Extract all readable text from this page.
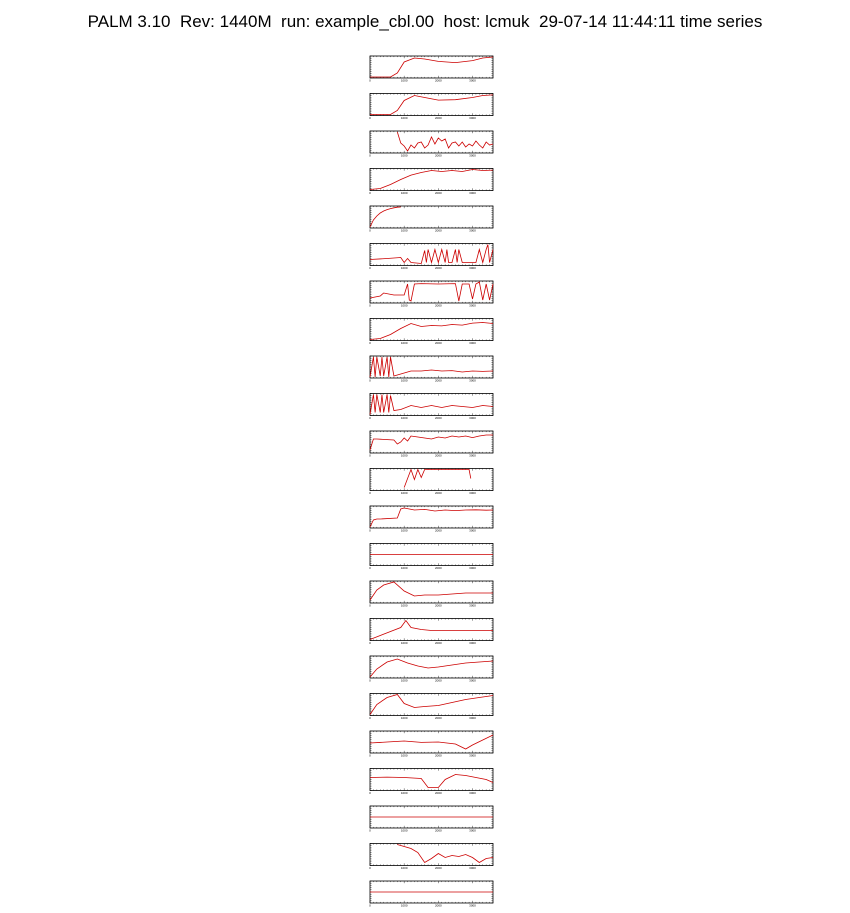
PALM 3.10  Rev: 1440M  run: example_cbl.00  host: lcmuk  29-07-14 11:44:11 time series
0	1000	2000	3000
0	1000	2000	3000
0	1000	2000	3000
0	1000	2000	3000
0	1000	2000	3000
0	1000	2000	3000
0	1000	2000	3000
0	1000	2000	3000
0	1000	2000	3000
0	1000	2000	3000
0	1000	2000	3000
0	1000	2000	3000
0	1000	2000	3000
0	1000	2000	3000
0	1000	2000	3000
0	1000	2000	3000
0	1000	2000	3000
0	1000	2000	3000
0	1000	2000	3000
0	1000	2000	3000
0	1000	2000	3000
0	1000	2000	3000
0	1000	2000	3000
